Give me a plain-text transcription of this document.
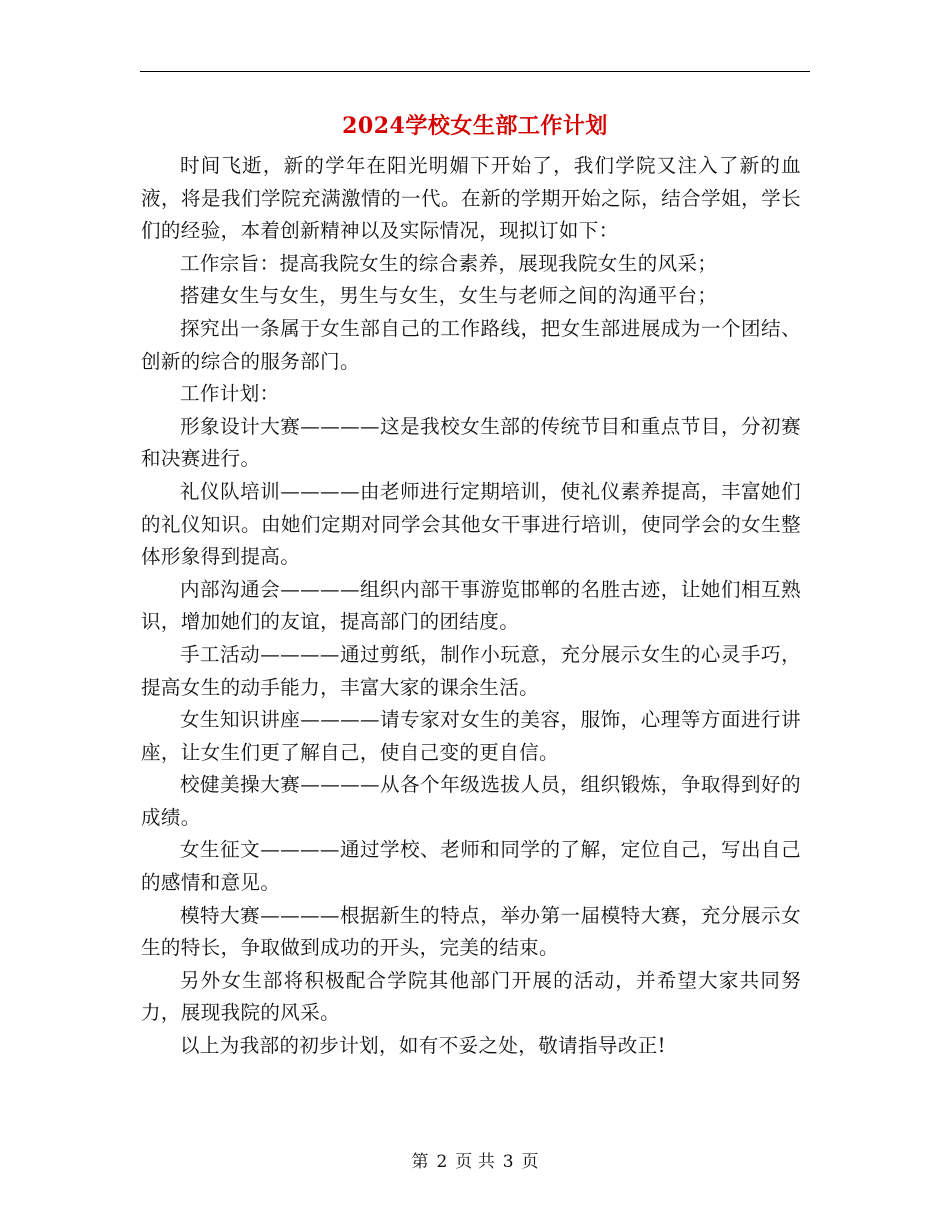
2024学校女生部工作计划

时间飞逝，新的学年在阳光明媚下开始了，我们学院又注入了新的血液，将是我们学院充满激情的一代。在新的学期开始之际，结合学姐，学长们的经验，本着创新精神以及实际情况，现拟订如下：

工作宗旨：提高我院女生的综合素养，展现我院女生的风采；

搭建女生与女生，男生与女生，女生与老师之间的沟通平台；

探究出一条属于女生部自己的工作路线，把女生部进展成为一个团结、创新的综合的服务部门。

工作计划：

形象设计大赛————这是我校女生部的传统节目和重点节目，分初赛和决赛进行。

礼仪队培训————由老师进行定期培训，使礼仪素养提高，丰富她们的礼仪知识。由她们定期对同学会其他女干事进行培训，使同学会的女生整体形象得到提高。

内部沟通会————组织内部干事游览邯郸的名胜古迹，让她们相互熟识，增加她们的友谊，提高部门的团结度。

手工活动————通过剪纸，制作小玩意，充分展示女生的心灵手巧，提高女生的动手能力，丰富大家的课余生活。

女生知识讲座————请专家对女生的美容，服饰，心理等方面进行讲座，让女生们更了解自己，使自己变的更自信。

校健美操大赛————从各个年级选拔人员，组织锻炼，争取得到好的成绩。

女生征文————通过学校、老师和同学的了解，定位自己，写出自己的感情和意见。

模特大赛————根据新生的特点，举办第一届模特大赛，充分展示女生的特长，争取做到成功的开头，完美的结束。

另外女生部将积极配合学院其他部门开展的活动，并希望大家共同努力，展现我院的风采。

以上为我部的初步计划，如有不妥之处，敬请指导改正!

第 2 页 共 3 页
